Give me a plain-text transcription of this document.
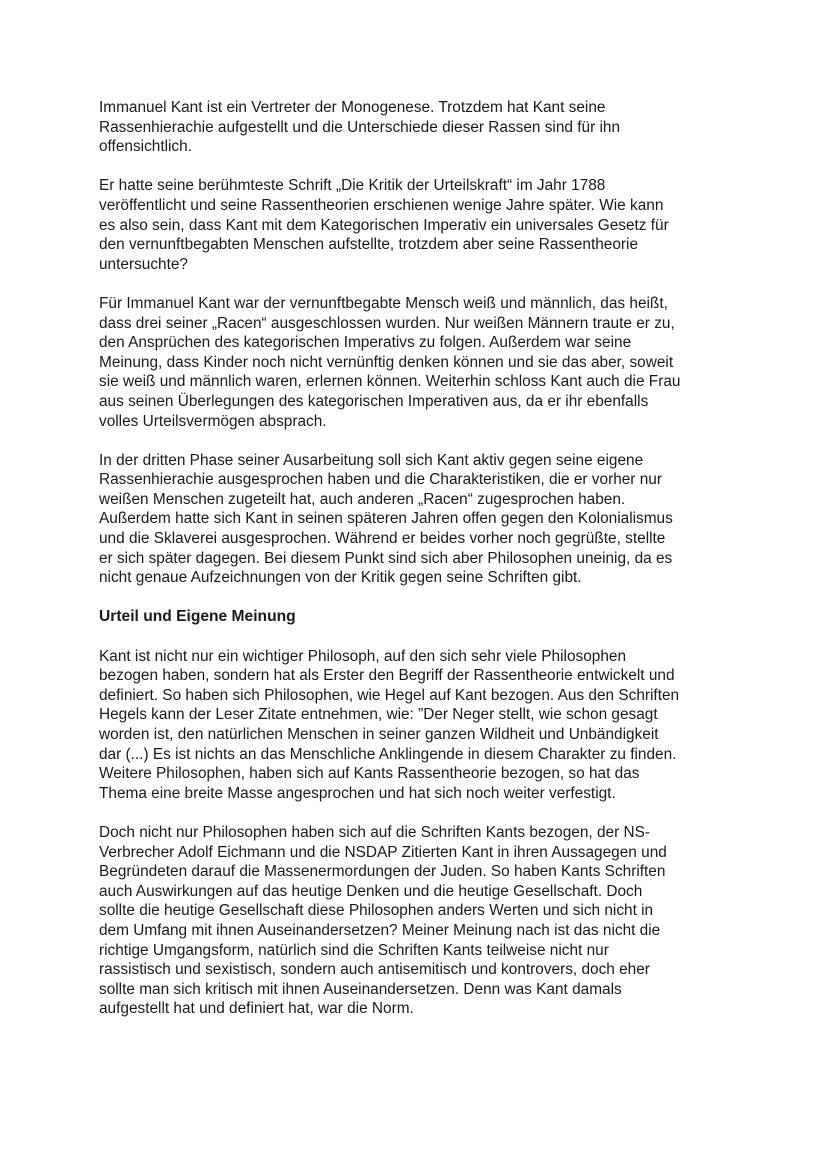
Immanuel Kant ist ein Vertreter der Monogenese. Trotzdem hat Kant seine
Rassenhierachie aufgestellt und die Unterschiede dieser Rassen sind für ihn
offensichtlich.

Er hatte seine berühmteste Schrift „Die Kritik der Urteilskraft“ im Jahr 1788
veröffentlicht und seine Rassentheorien erschienen wenige Jahre später. Wie kann
es also sein, dass Kant mit dem Kategorischen Imperativ ein universales Gesetz für
den vernunftbegabten Menschen aufstellte, trotzdem aber seine Rassentheorie
untersuchte?

Für Immanuel Kant war der vernunftbegabte Mensch weiß und männlich, das heißt,
dass drei seiner „Racen“ ausgeschlossen wurden. Nur weißen Männern traute er zu,
den Ansprüchen des kategorischen Imperativs zu folgen. Außerdem war seine
Meinung, dass Kinder noch nicht vernünftig denken können und sie das aber, soweit
sie weiß und männlich waren, erlernen können. Weiterhin schloss Kant auch die Frau
aus seinen Überlegungen des kategorischen Imperativen aus, da er ihr ebenfalls
volles Urteilsvermögen absprach.

In der dritten Phase seiner Ausarbeitung soll sich Kant aktiv gegen seine eigene
Rassenhierachie ausgesprochen haben und die Charakteristiken, die er vorher nur
weißen Menschen zugeteilt hat, auch anderen „Racen“ zugesprochen haben.
Außerdem hatte sich Kant in seinen späteren Jahren offen gegen den Kolonialismus
und die Sklaverei ausgesprochen. Während er beides vorher noch gegrüßte, stellte
er sich später dagegen. Bei diesem Punkt sind sich aber Philosophen uneinig, da es
nicht genaue Aufzeichnungen von der Kritik gegen seine Schriften gibt.

Urteil und Eigene Meinung

Kant ist nicht nur ein wichtiger Philosoph, auf den sich sehr viele Philosophen
bezogen haben, sondern hat als Erster den Begriff der Rassentheorie entwickelt und
definiert. So haben sich Philosophen, wie Hegel auf Kant bezogen. Aus den Schriften
Hegels kann der Leser Zitate entnehmen, wie: ”Der Neger stellt, wie schon gesagt
worden ist, den natürlichen Menschen in seiner ganzen Wildheit und Unbändigkeit
dar (...) Es ist nichts an das Menschliche Anklingende in diesem Charakter zu finden.
Weitere Philosophen, haben sich auf Kants Rassentheorie bezogen, so hat das
Thema eine breite Masse angesprochen und hat sich noch weiter verfestigt.

Doch nicht nur Philosophen haben sich auf die Schriften Kants bezogen, der NS-
Verbrecher Adolf Eichmann und die NSDAP Zitierten Kant in ihren Aussagegen und
Begründeten darauf die Massenermordungen der Juden. So haben Kants Schriften
auch Auswirkungen auf das heutige Denken und die heutige Gesellschaft. Doch
sollte die heutige Gesellschaft diese Philosophen anders Werten und sich nicht in
dem Umfang mit ihnen Auseinandersetzen? Meiner Meinung nach ist das nicht die
richtige Umgangsform, natürlich sind die Schriften Kants teilweise nicht nur
rassistisch und sexistisch, sondern auch antisemitisch und kontrovers, doch eher
sollte man sich kritisch mit ihnen Auseinandersetzen. Denn was Kant damals
aufgestellt hat und definiert hat, war die Norm.
